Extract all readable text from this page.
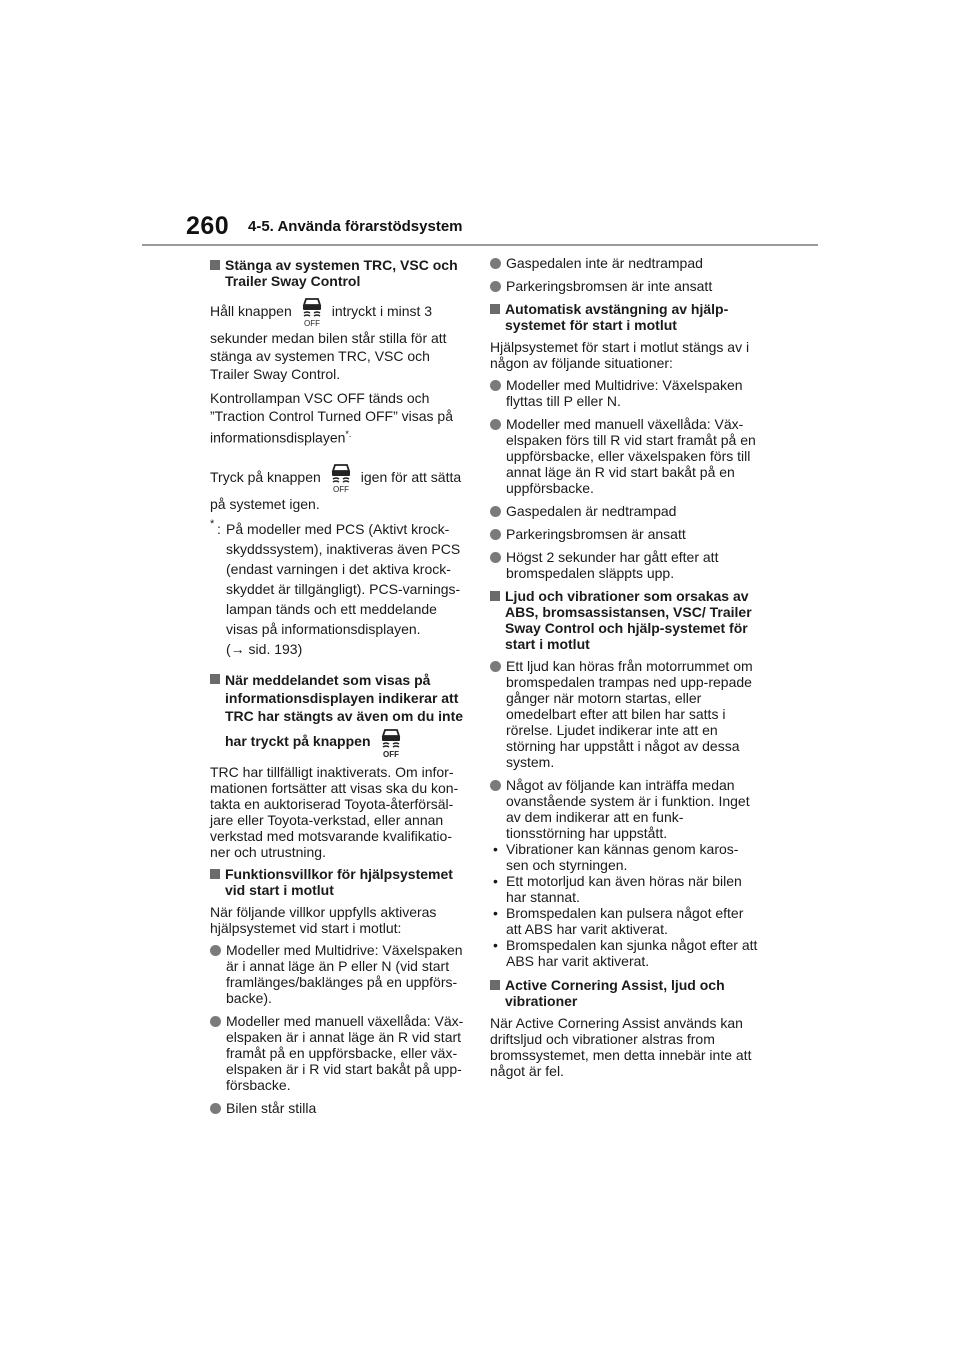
260 4-5. Använda förarstödsystem
Stänga av systemen TRC, VSC och Trailer Sway Control
Håll knappen
OFF
intryckt i minst 3
sekunder medan bilen står stilla för att stänga av systemen TRC, VSC och Trailer Sway Control.
Kontrollampan VSC OFF tänds och ”Traction Control Turned OFF” visas på informationsdisplayen*.
Tryck på knappen
OFF
igen för att sätta
på systemet igen.
* : På modeller med PCS (Aktivt krock-skyddssystem), inaktiveras även PCS (endast varningen i det aktiva krock-skyddet är tillgängligt). PCS-varnings-lampan tänds och ett meddelande visas på informationsdisplayen.
(→ sid. 193)
När meddelandet som visas på informationsdisplayen indikerar att TRC har stängts av även om du inte
har tryckt på knappen
OFF
TRC har tillfälligt inaktiverats. Om infor-mationen fortsätter att visas ska du kon-takta en auktoriserad Toyota-återförsäl-jare eller Toyota-verkstad, eller annan verkstad med motsvarande kvalifikatio-ner och utrustning.
Funktionsvillkor för hjälpsystemet vid start i motlut
När följande villkor uppfylls aktiveras hjälpsystemet vid start i motlut:
Modeller med Multidrive: Växelspaken är i annat läge än P eller N (vid start framlänges/baklänges på en uppförs-backe).
Modeller med manuell växellåda: Väx-elspaken är i annat läge än R vid start framåt på en uppförsbacke, eller väx-elspaken är i R vid start bakåt på upp-försbacke.
Bilen står stilla
Gaspedalen inte är nedtrampad
Parkeringsbromsen är inte ansatt
Automatisk avstängning av hjälp-systemet för start i motlut
Hjälpsystemet för start i motlut stängs av i någon av följande situationer:
Modeller med Multidrive: Växelspaken flyttas till P eller N.
Modeller med manuell växellåda: Väx-elspaken förs till R vid start framåt på en uppförsbacke, eller växelspaken förs till annat läge än R vid start bakåt på en uppförsbacke.
Gaspedalen är nedtrampad
Parkeringsbromsen är ansatt
Högst 2 sekunder har gått efter att bromspedalen släppts upp.
Ljud och vibrationer som orsakas av ABS, bromsassistansen, VSC/ Trailer Sway Control och hjälp-systemet för start i motlut
Ett ljud kan höras från motorrummet om bromspedalen trampas ned upp-repade gånger när motorn startas, eller omedelbart efter att bilen har satts i rörelse. Ljudet indikerar inte att en störning har uppstått i något av dessa system.
Något av följande kan inträffa medan ovanstående system är i funktion. Inget av dem indikerar att en funk-tionsstörning har uppstått.
• Vibrationer kan kännas genom karos-sen och styrningen.
• Ett motorljud kan även höras när bilen har stannat.
• Bromspedalen kan pulsera något efter att ABS har varit aktiverat.
• Bromspedalen kan sjunka något efter att ABS har varit aktiverat.
Active Cornering Assist, ljud och vibrationer
När Active Cornering Assist används kan driftsljud och vibrationer alstras from bromssystemet, men detta innebär inte att något är fel.
